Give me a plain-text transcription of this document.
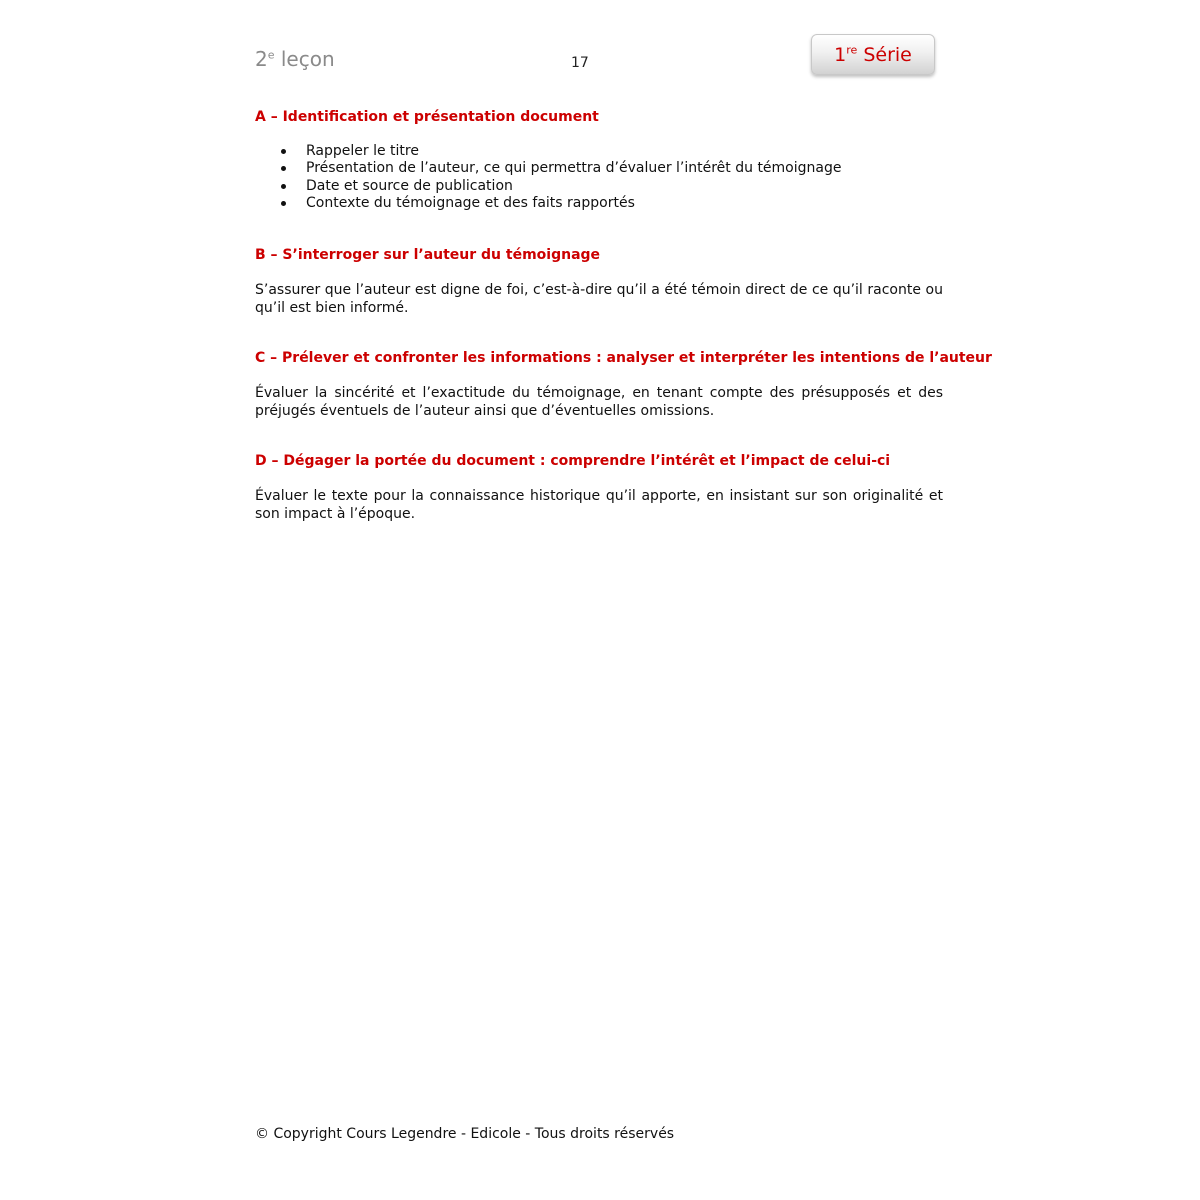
2e leçon	17	1re Série
A – Identification et présentation document
Rappeler le titre
Présentation de l’auteur, ce qui permettra d’évaluer l’intérêt du témoignage
Date et source de publication
Contexte du témoignage et des faits rapportés
B – S’interroger sur l’auteur du témoignage

S’assurer que l’auteur est digne de foi, c’est-à-dire qu’il a été témoin direct de ce qu’il raconte ou qu’il est bien informé.

C – Prélever et confronter les informations : analyser et interpréter les intentions de l’auteur

Évaluer la sincérité et l’exactitude du témoignage, en tenant compte des présupposés et des préjugés éventuels de l’auteur ainsi que d’éventuelles omissions.

D – Dégager la portée du document : comprendre l’intérêt et l’impact de celui-ci

Évaluer le texte pour la connaissance historique qu’il apporte, en insistant sur son originalité et son impact à l’époque.

© Copyright Cours Legendre - Edicole - Tous droits réservés
